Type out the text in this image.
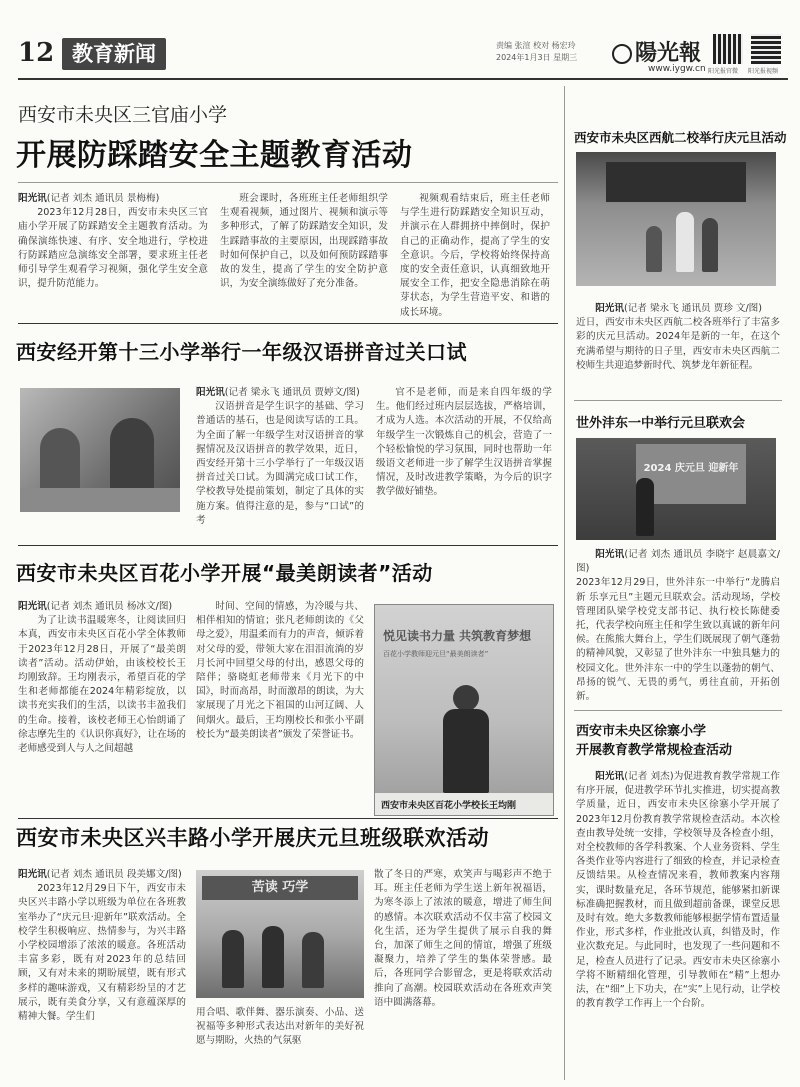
12 教育新闻	责编 张渲 校对 杨宏玲
2024年1月3日 星期三	陽光報
www.iygw.cn 阳光报官微 阳光报视频
西安市未央区三官庙小学
开展防踩踏安全主题教育活动

阳光讯(记者 刘杰 通讯员 景梅梅)

2023年12月28日，西安市未央区三官庙小学开展了防踩踏安全主题教育活动。为确保演练快速、有序、安全地进行，学校进行防踩踏应急演练安全部署，要求班主任老师引导学生观看学习视频，强化学生安全意识，提升防范能力。

班会课时，各班班主任老师组织学生观看视频，通过图片、视频和演示等多种形式，了解了防踩踏安全知识，发生踩踏事故的主要原因，出现踩踏事故时如何保护自己，以及如何预防踩踏事故的发生，提高了学生的安全防护意识，为安全演练做好了充分准备。

视频观看结束后，班主任老师与学生进行防踩踏安全知识互动，并演示在人群拥挤中摔倒时，保护自己的正确动作，提高了学生的安全意识。今后，学校将始终保持高度的安全责任意识，认真细致地开展安全工作，把安全隐患消除在萌芽状态，为学生营造平安、和谐的成长环境。

西安经开第十三小学举行一年级汉语拼音过关口试

阳光讯(记者 梁永飞 通讯员 贾婷文/图)

汉语拼音是学生识字的基础、学习普通话的基石，也是阅读写话的工具。为全面了解一年级学生对汉语拼音的掌握情况及汉语拼音的教学效果，近日，西安经开第十三小学举行了一年级汉语拼音过关口试。为圆满完成口试工作，学校教导处提前策划，制定了具体的实施方案。值得注意的是，参与“口试”的考

官不是老师，而是来自四年级的学生。他们经过班内层层选拔，严格培训，才成为人选。本次活动的开展，不仅给高年级学生一次锻炼自己的机会，营造了一个轻松愉悦的学习氛围，同时也帮助一年级语文老师进一步了解学生汉语拼音掌握情况，及时改进教学策略，为今后的识字教学做好铺垫。

西安市未央区百花小学开展“最美朗读者”活动

阳光讯(记者 刘杰 通讯员 杨冰文/图)

为了让读书温暖寒冬，让阅读回归本真，西安市未央区百花小学全体教师于2023年12月28日，开展了“最美朗读者”活动。活动伊始，由该校校长王均刚致辞。王均刚表示，希望百花的学生和老师都能在2024年精彩绽放，以读书充实我们的生活，以读书丰盈我们的生命。接着，该校老师王心怡朗诵了徐志摩先生的《认识你真好》，让在场的老师感受到人与人之间超越

时间、空间的情感，为冷暖与共、相伴相知的情谊；张凡老师朗读的《父母之爱》，用温柔而有力的声音，倾诉着对父母的爱，带领大家在泪泪流淌的岁月长河中回望父母的付出，感恩父母的陪伴；骆晓虹老师带来《月光下的中国》，时而高昂，时而激昂的朗读，为大家展现了月光之下祖国的山河辽阔、人间烟火。最后，王均刚校长和张小平副校长为“最美朗读者”颁发了荣誉证书。

悦见读书力量 共筑教育梦想
百花小学教师迎元旦“最美朗读者”
西安市未央区百花小学校长王均刚
西安市未央区兴丰路小学开展庆元旦班级联欢活动

阳光讯(记者 刘杰 通讯员 段美娜文/图)

2023年12月29日下午，西安市未央区兴丰路小学以班级为单位在各班教室举办了“庆元旦·迎新年”联欢活动。全校学生积极响应、热情参与，为兴丰路小学校园增添了浓浓的暖意。各班活动丰富多彩，既有对2023年的总结回顾，又有对未来的期盼展望，既有形式多样的趣味游戏，又有精彩纷呈的才艺展示，既有美食分享，又有意蕴深厚的精神大餐。学生们

苦读 巧学

用合唱、歌伴舞、器乐演奏、小品、送祝福等多种形式表达出对新年的美好祝愿与期盼，火热的气氛驱

散了冬日的严寒，欢笑声与喝彩声不绝于耳。班主任老师为学生送上新年祝福语，为寒冬添上了浓浓的暖意，增进了师生间的感情。本次联欢活动不仅丰富了校园文化生活，还为学生提供了展示自我的舞台，加深了师生之间的情谊，增强了班级凝聚力，培养了学生的集体荣誉感。最后，各班同学合影留念，更是将联欢活动推向了高潮。校园联欢活动在各班欢声笑语中圆满落幕。

西安市未央区西航二校举行庆元旦活动

阳光讯(记者 梁永飞 通讯员 贾珍 文/图)

近日，西安市未央区西航二校各班举行了丰富多彩的庆元旦活动。2024年是新的一年，在这个充满希望与期待的日子里，西安市未央区西航二校师生共迎追梦新时代、筑梦龙年新征程。

世外沣东一中举行元旦联欢会
2024 庆元旦 迎新年

阳光讯(记者 刘杰 通讯员 李晓宇 赵晨嘉文/图)

2023年12月29日，世外沣东一中举行“龙腾启新 乐享元旦”主题元旦联欢会。活动现场，学校管理团队梁学校党支部书记、执行校长陈健委托，代表学校向班主任和学生致以真诚的新年问候。在熊熊大舞台上，学生们既展现了朝气蓬勃的精神风貌，又彰显了世外沣东一中独具魅力的校园文化。世外沣东一中的学生以蓬勃的朝气、昂扬的锐气、无畏的勇气，勇往直前，开拓创新。

西安市未央区徐寨小学
开展教育教学常规检查活动

阳光讯(记者 刘杰)为促进教育教学常规工作有序开展，促进教学环节扎实推进，切实提高教学质量，近日，西安市未央区徐寨小学开展了2023年12月份教育教学常规检查活动。本次检查由教导处统一安排，学校领导及各检查小组，对全校教师的各学科教案、个人业务资料、学生各类作业等内容进行了细致的检查，并记录检查反馈结果。从检查情况来看，教师教案内容翔实，课时数量充足，各环节规范，能够紧扣新课标准确把握教材，而且做到超前备课，课堂反思及时有效。绝大多数教师能够根据学情布置适量作业，形式多样，作业批改认真，纠错及时，作业次数充足。与此同时，也发现了一些问题和不足，检查人员进行了记录。西安市未央区徐寨小学将不断精细化管理，引导教师在“精”上想办法，在“细”上下功夫，在“实”上见行动，让学校的教育教学工作再上一个台阶。
